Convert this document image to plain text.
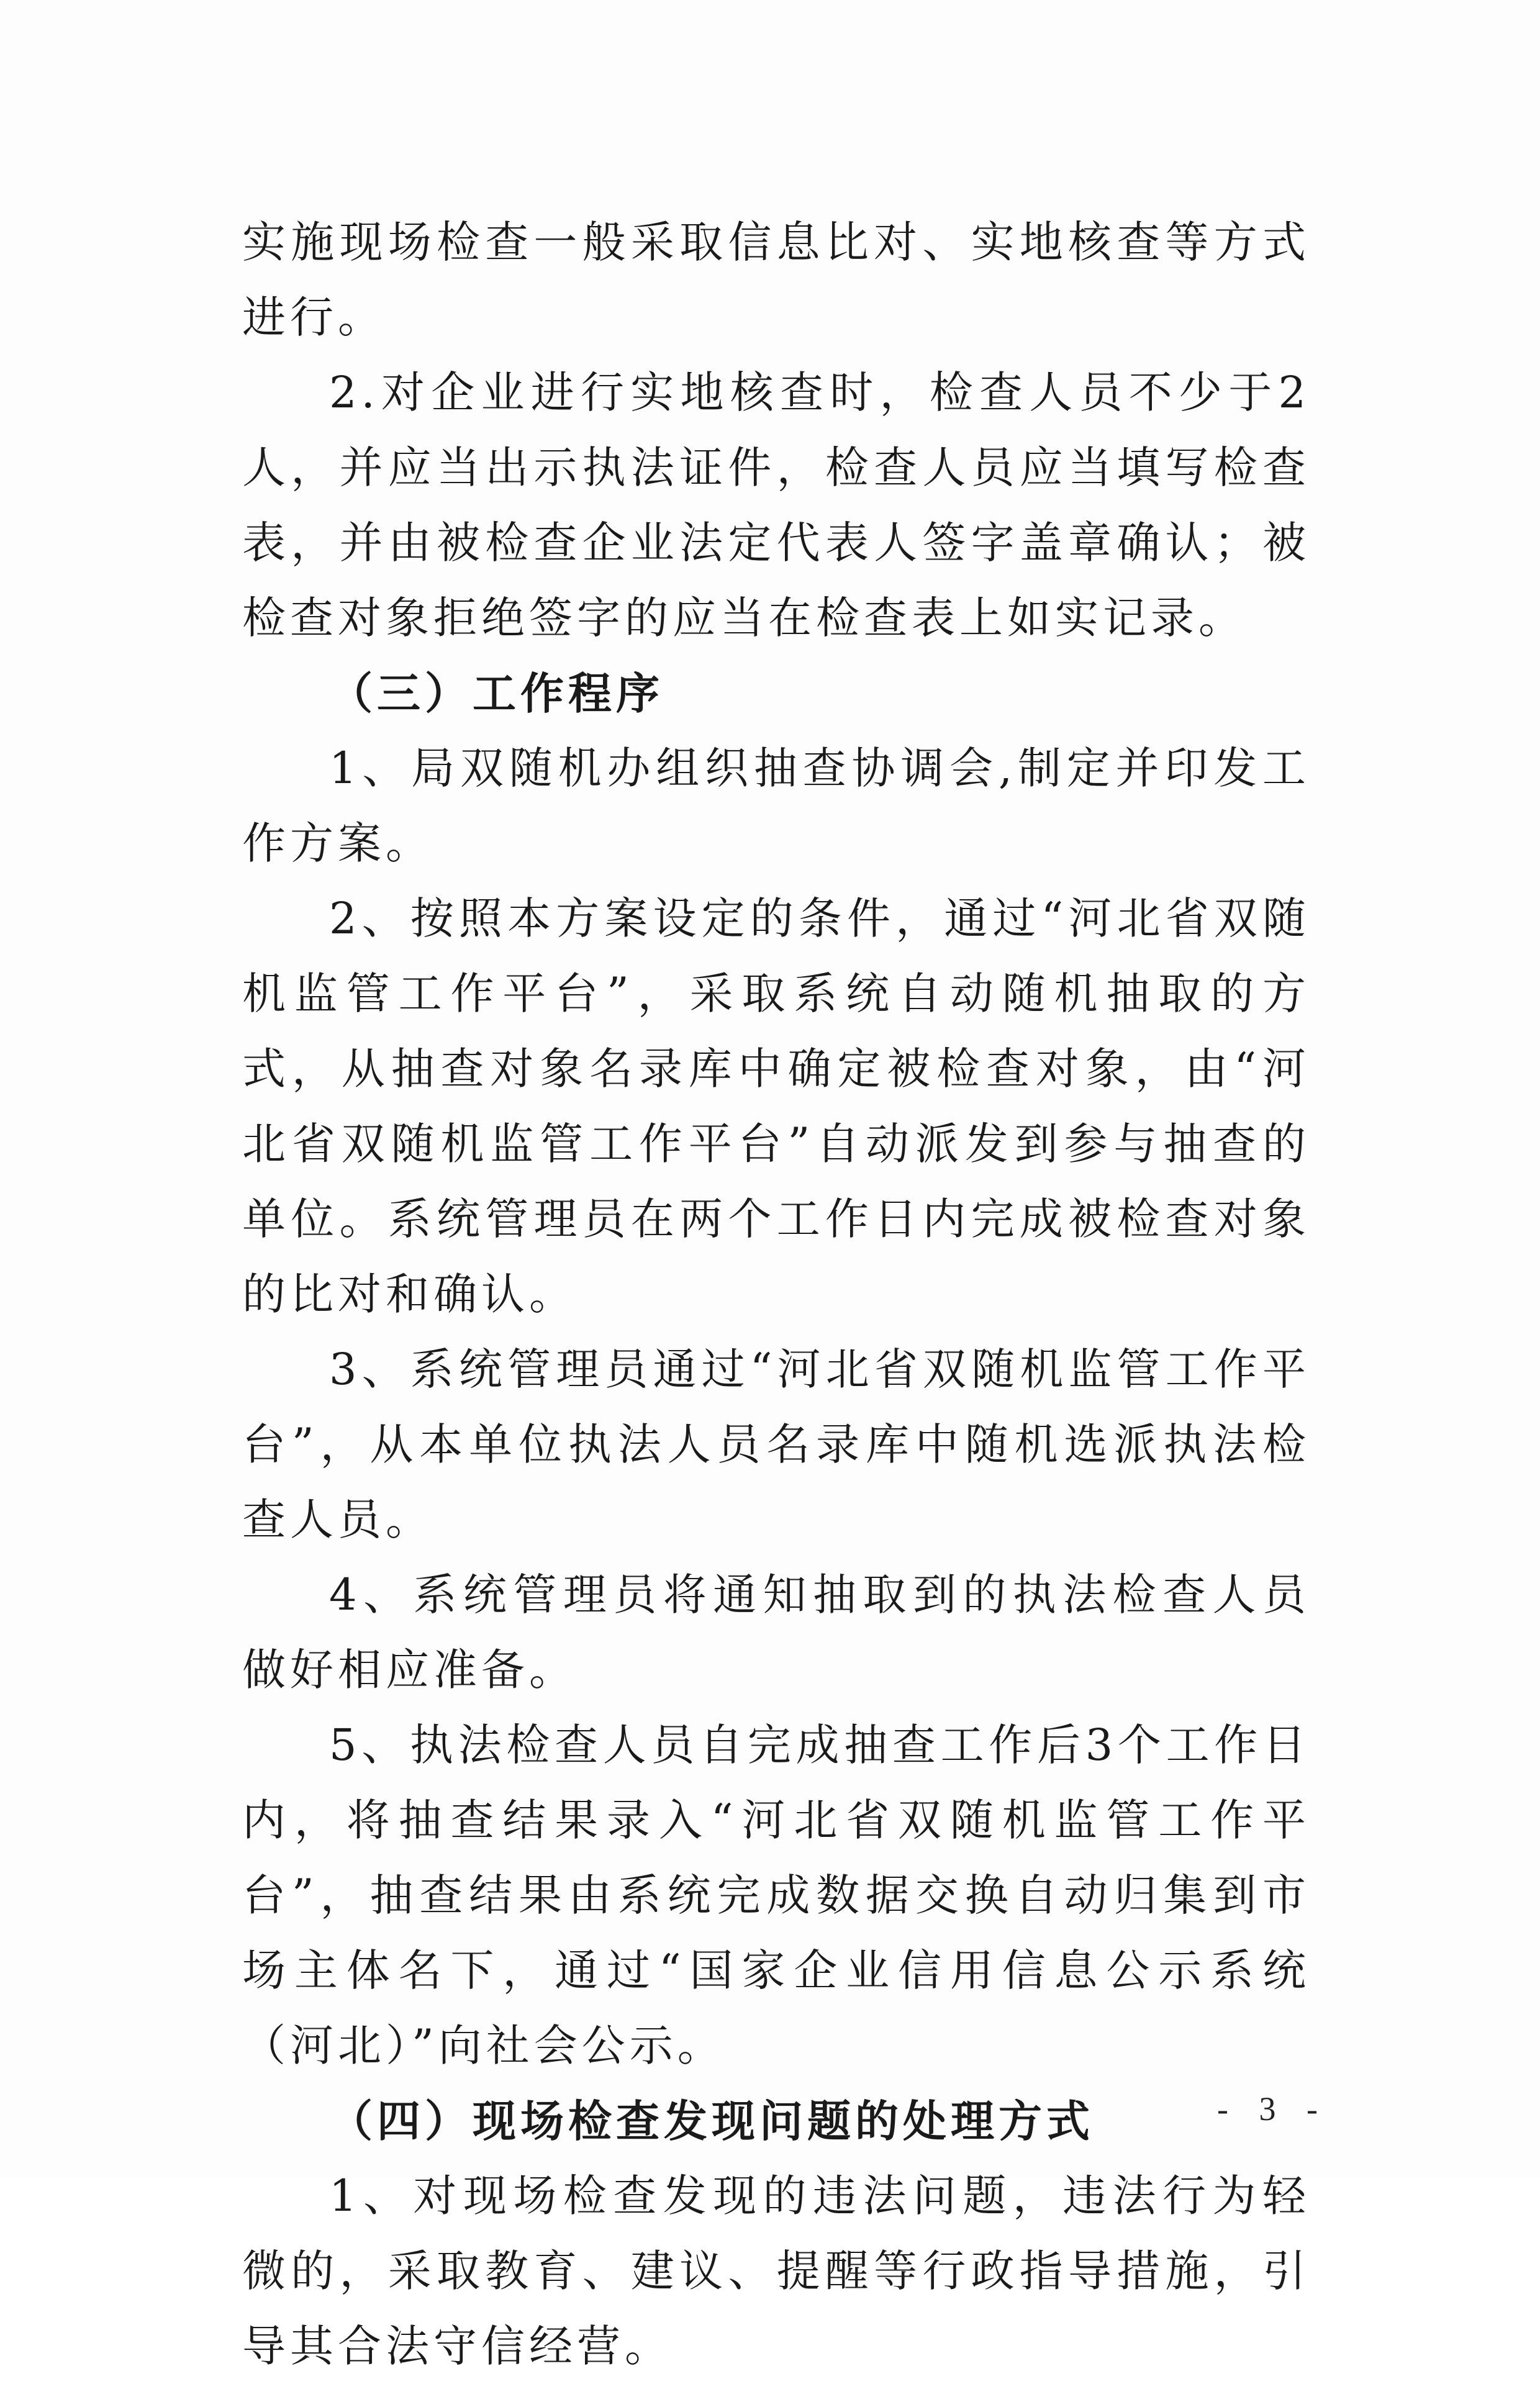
实施现场检查一般采取信息比对、实地核查等方式进行。

2.对企业进行实地核查时，检查人员不少于2人，并应当出示执法证件，检查人员应当填写检查表，并由被检查企业法定代表人签字盖章确认；被检查对象拒绝签字的应当在检查表上如实记录。

（三）工作程序

1、局双随机办组织抽查协调会,制定并印发工作方案。

2、按照本方案设定的条件，通过“河北省双随机监管工作平台”，采取系统自动随机抽取的方式，从抽查对象名录库中确定被检查对象，由“河北省双随机监管工作平台”自动派发到参与抽查的单位。系统管理员在两个工作日内完成被检查对象的比对和确认。

3、系统管理员通过“河北省双随机监管工作平台”，从本单位执法人员名录库中随机选派执法检查人员。

4、系统管理员将通知抽取到的执法检查人员做好相应准备。

5、执法检查人员自完成抽查工作后3个工作日内，将抽查结果录入“河北省双随机监管工作平台”，抽查结果由系统完成数据交换自动归集到市场主体名下，通过“国家企业信用信息公示系统（河北）”向社会公示。

（四）现场检查发现问题的处理方式

1、对现场检查发现的违法问题，违法行为轻微的，采取教育、建议、提醒等行政指导措施，引导其合法守信经营。

- 3 -
